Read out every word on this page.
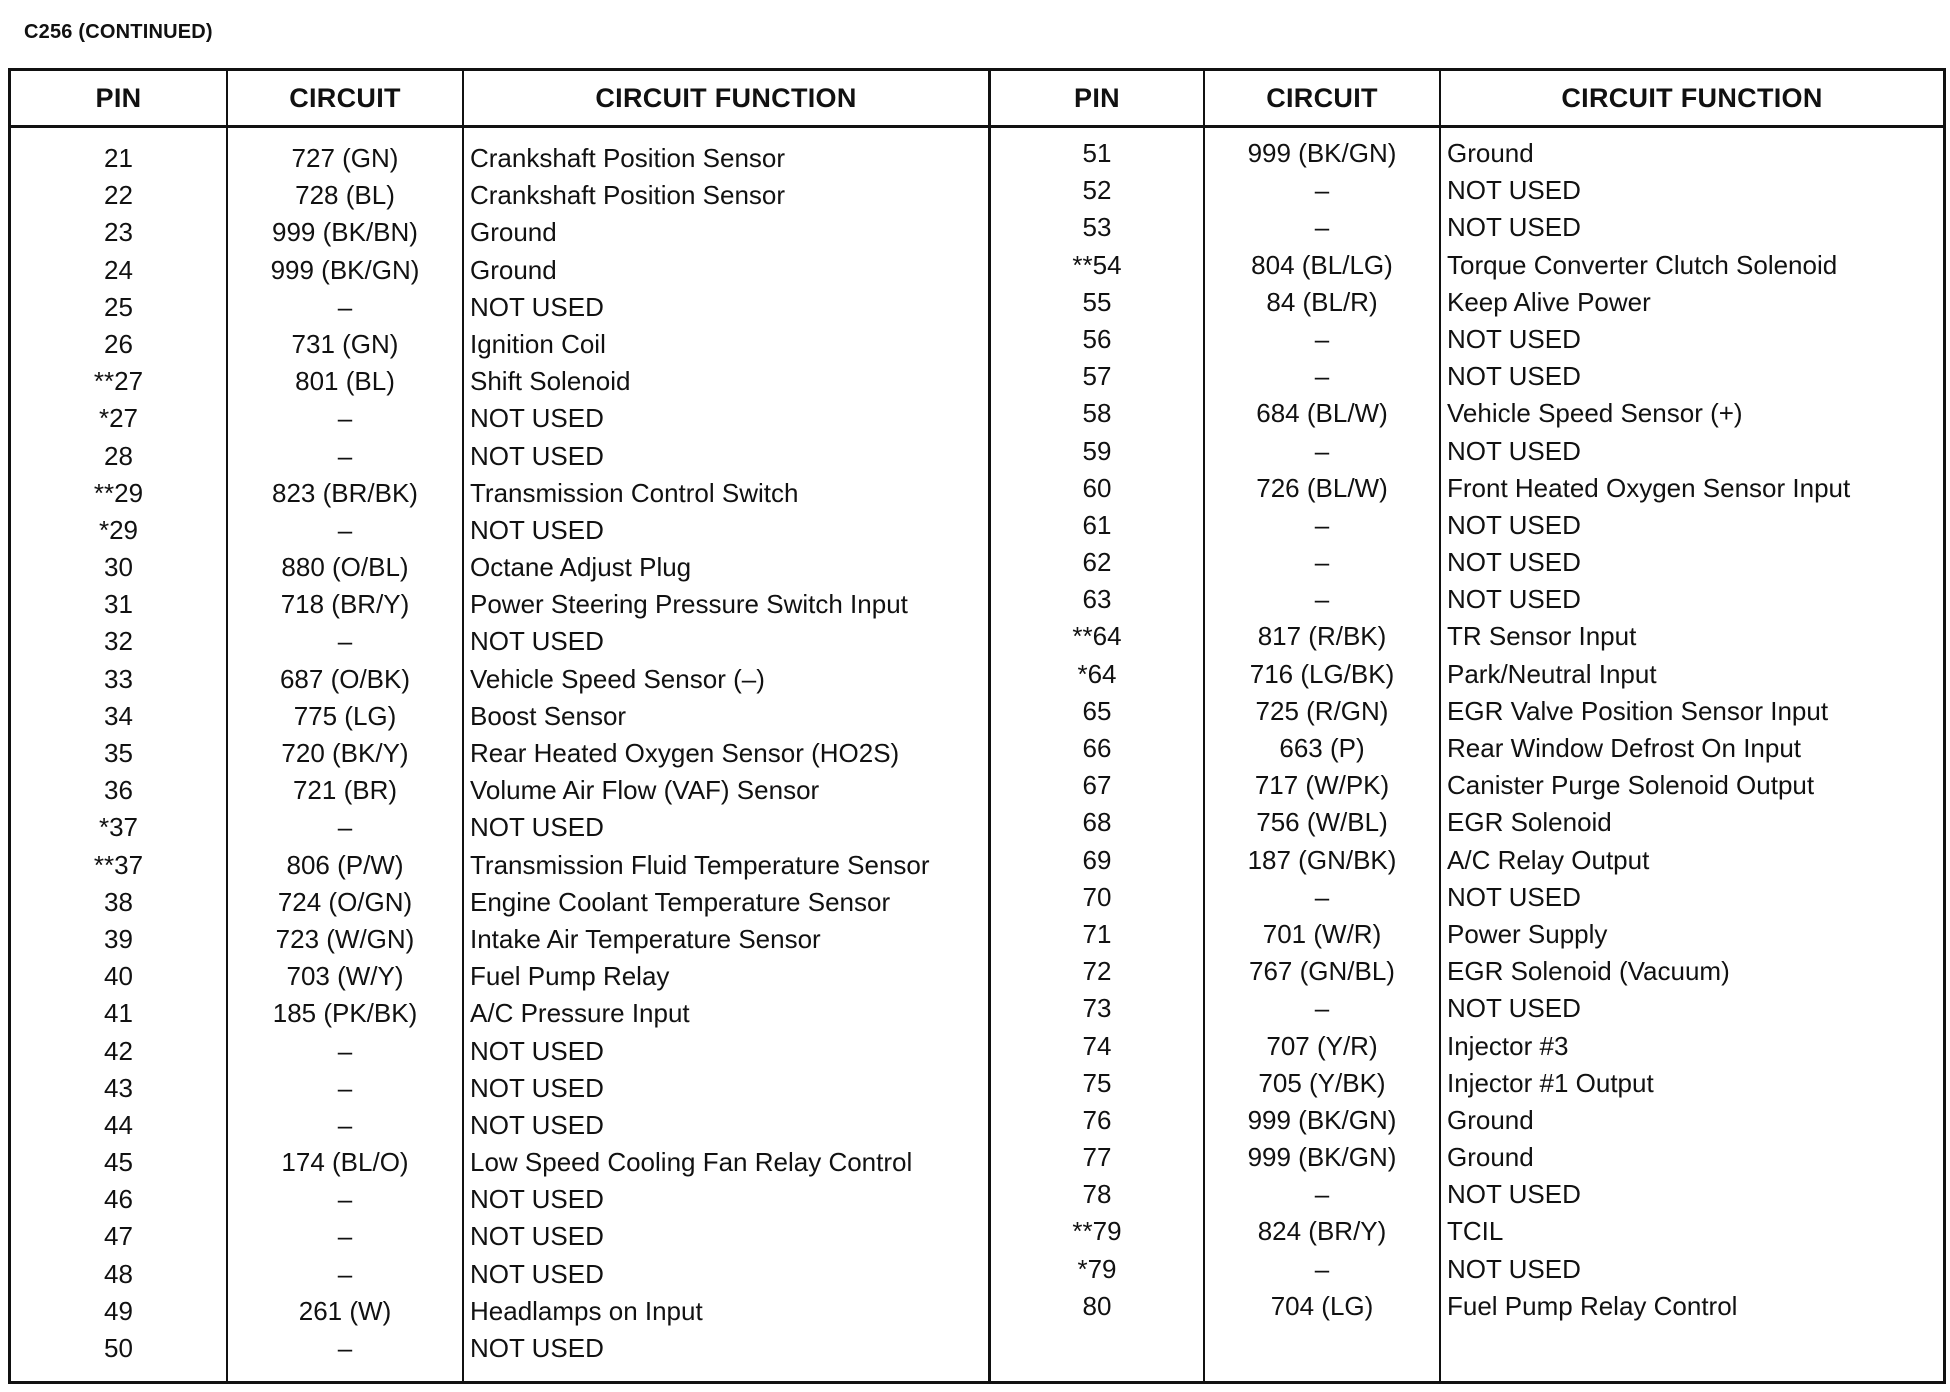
C256 (CONTINUED)
PIN
21
22
23
24
25
26
**27
*27
28
**29
*29
30
31
32
33
34
35
36
*37
**37
38
39
40
41
42
43
44
45
46
47
48
49
50
CIRCUIT
727 (GN)
728 (BL)
999 (BK/BN)
999 (BK/GN)
–
731 (GN)
801 (BL)
–
–
823 (BR/BK)
–
880 (O/BL)
718 (BR/Y)
–
687 (O/BK)
775 (LG)
720 (BK/Y)
721 (BR)
–
806 (P/W)
724 (O/GN)
723 (W/GN)
703 (W/Y)
185 (PK/BK)
–
–
–
174 (BL/O)
–
–
–
261 (W)
–
CIRCUIT FUNCTION
Crankshaft Position Sensor
Crankshaft Position Sensor
Ground
Ground
NOT USED
Ignition Coil
Shift Solenoid
NOT USED
NOT USED
Transmission Control Switch
NOT USED
Octane Adjust Plug
Power Steering Pressure Switch Input
NOT USED
Vehicle Speed Sensor (–)
Boost Sensor
Rear Heated Oxygen Sensor (HO2S)
Volume Air Flow (VAF) Sensor
NOT USED
Transmission Fluid Temperature Sensor
Engine Coolant Temperature Sensor
Intake Air Temperature Sensor
Fuel Pump Relay
A/C Pressure Input
NOT USED
NOT USED
NOT USED
Low Speed Cooling Fan Relay Control
NOT USED
NOT USED
NOT USED
Headlamps on Input
NOT USED
PIN
51
52
53
**54
55
56
57
58
59
60
61
62
63
**64
*64
65
66
67
68
69
70
71
72
73
74
75
76
77
78
**79
*79
80
CIRCUIT
999 (BK/GN)
–
–
804 (BL/LG)
84 (BL/R)
–
–
684 (BL/W)
–
726 (BL/W)
–
–
–
817 (R/BK)
716 (LG/BK)
725 (R/GN)
663 (P)
717 (W/PK)
756 (W/BL)
187 (GN/BK)
–
701 (W/R)
767 (GN/BL)
–
707 (Y/R)
705 (Y/BK)
999 (BK/GN)
999 (BK/GN)
–
824 (BR/Y)
–
704 (LG)
CIRCUIT FUNCTION
Ground
NOT USED
NOT USED
Torque Converter Clutch Solenoid
Keep Alive Power
NOT USED
NOT USED
Vehicle Speed Sensor (+)
NOT USED
Front Heated Oxygen Sensor Input
NOT USED
NOT USED
NOT USED
TR Sensor Input
Park/Neutral Input
EGR Valve Position Sensor Input
Rear Window Defrost On Input
Canister Purge Solenoid Output
EGR Solenoid
A/C Relay Output
NOT USED
Power Supply
EGR Solenoid (Vacuum)
NOT USED
Injector #3
Injector #1 Output
Ground
Ground
NOT USED
TCIL
NOT USED
Fuel Pump Relay Control
